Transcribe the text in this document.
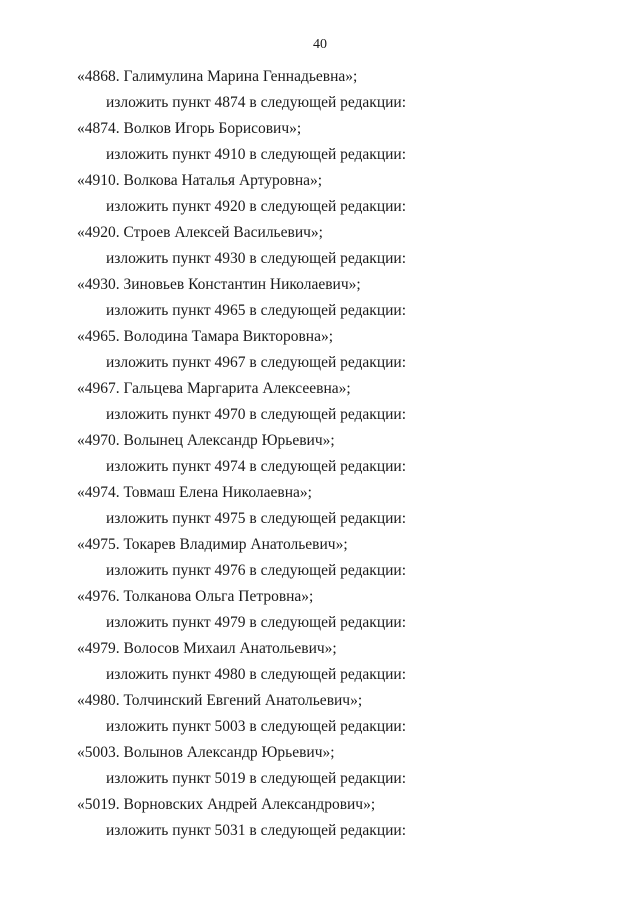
40
«4868. Галимулина Марина Геннадьевна»;
изложить пункт 4874 в следующей редакции:
«4874. Волков Игорь Борисович»;
изложить пункт 4910 в следующей редакции:
«4910. Волкова Наталья Артуровна»;
изложить пункт 4920 в следующей редакции:
«4920. Строев Алексей Васильевич»;
изложить пункт 4930 в следующей редакции:
«4930. Зиновьев Константин Николаевич»;
изложить пункт 4965 в следующей редакции:
«4965. Володина Тамара Викторовна»;
изложить пункт 4967 в следующей редакции:
«4967. Гальцева Маргарита Алексеевна»;
изложить пункт 4970 в следующей редакции:
«4970. Волынец Александр Юрьевич»;
изложить пункт 4974 в следующей редакции:
«4974. Товмаш Елена Николаевна»;
изложить пункт 4975 в следующей редакции:
«4975. Токарев Владимир Анатольевич»;
изложить пункт 4976 в следующей редакции:
«4976. Толканова Ольга Петровна»;
изложить пункт 4979 в следующей редакции:
«4979. Волосов Михаил Анатольевич»;
изложить пункт 4980 в следующей редакции:
«4980. Толчинский Евгений Анатольевич»;
изложить пункт 5003 в следующей редакции:
«5003. Волынов Александр Юрьевич»;
изложить пункт 5019 в следующей редакции:
«5019. Ворновских Андрей Александрович»;
изложить пункт 5031 в следующей редакции:
